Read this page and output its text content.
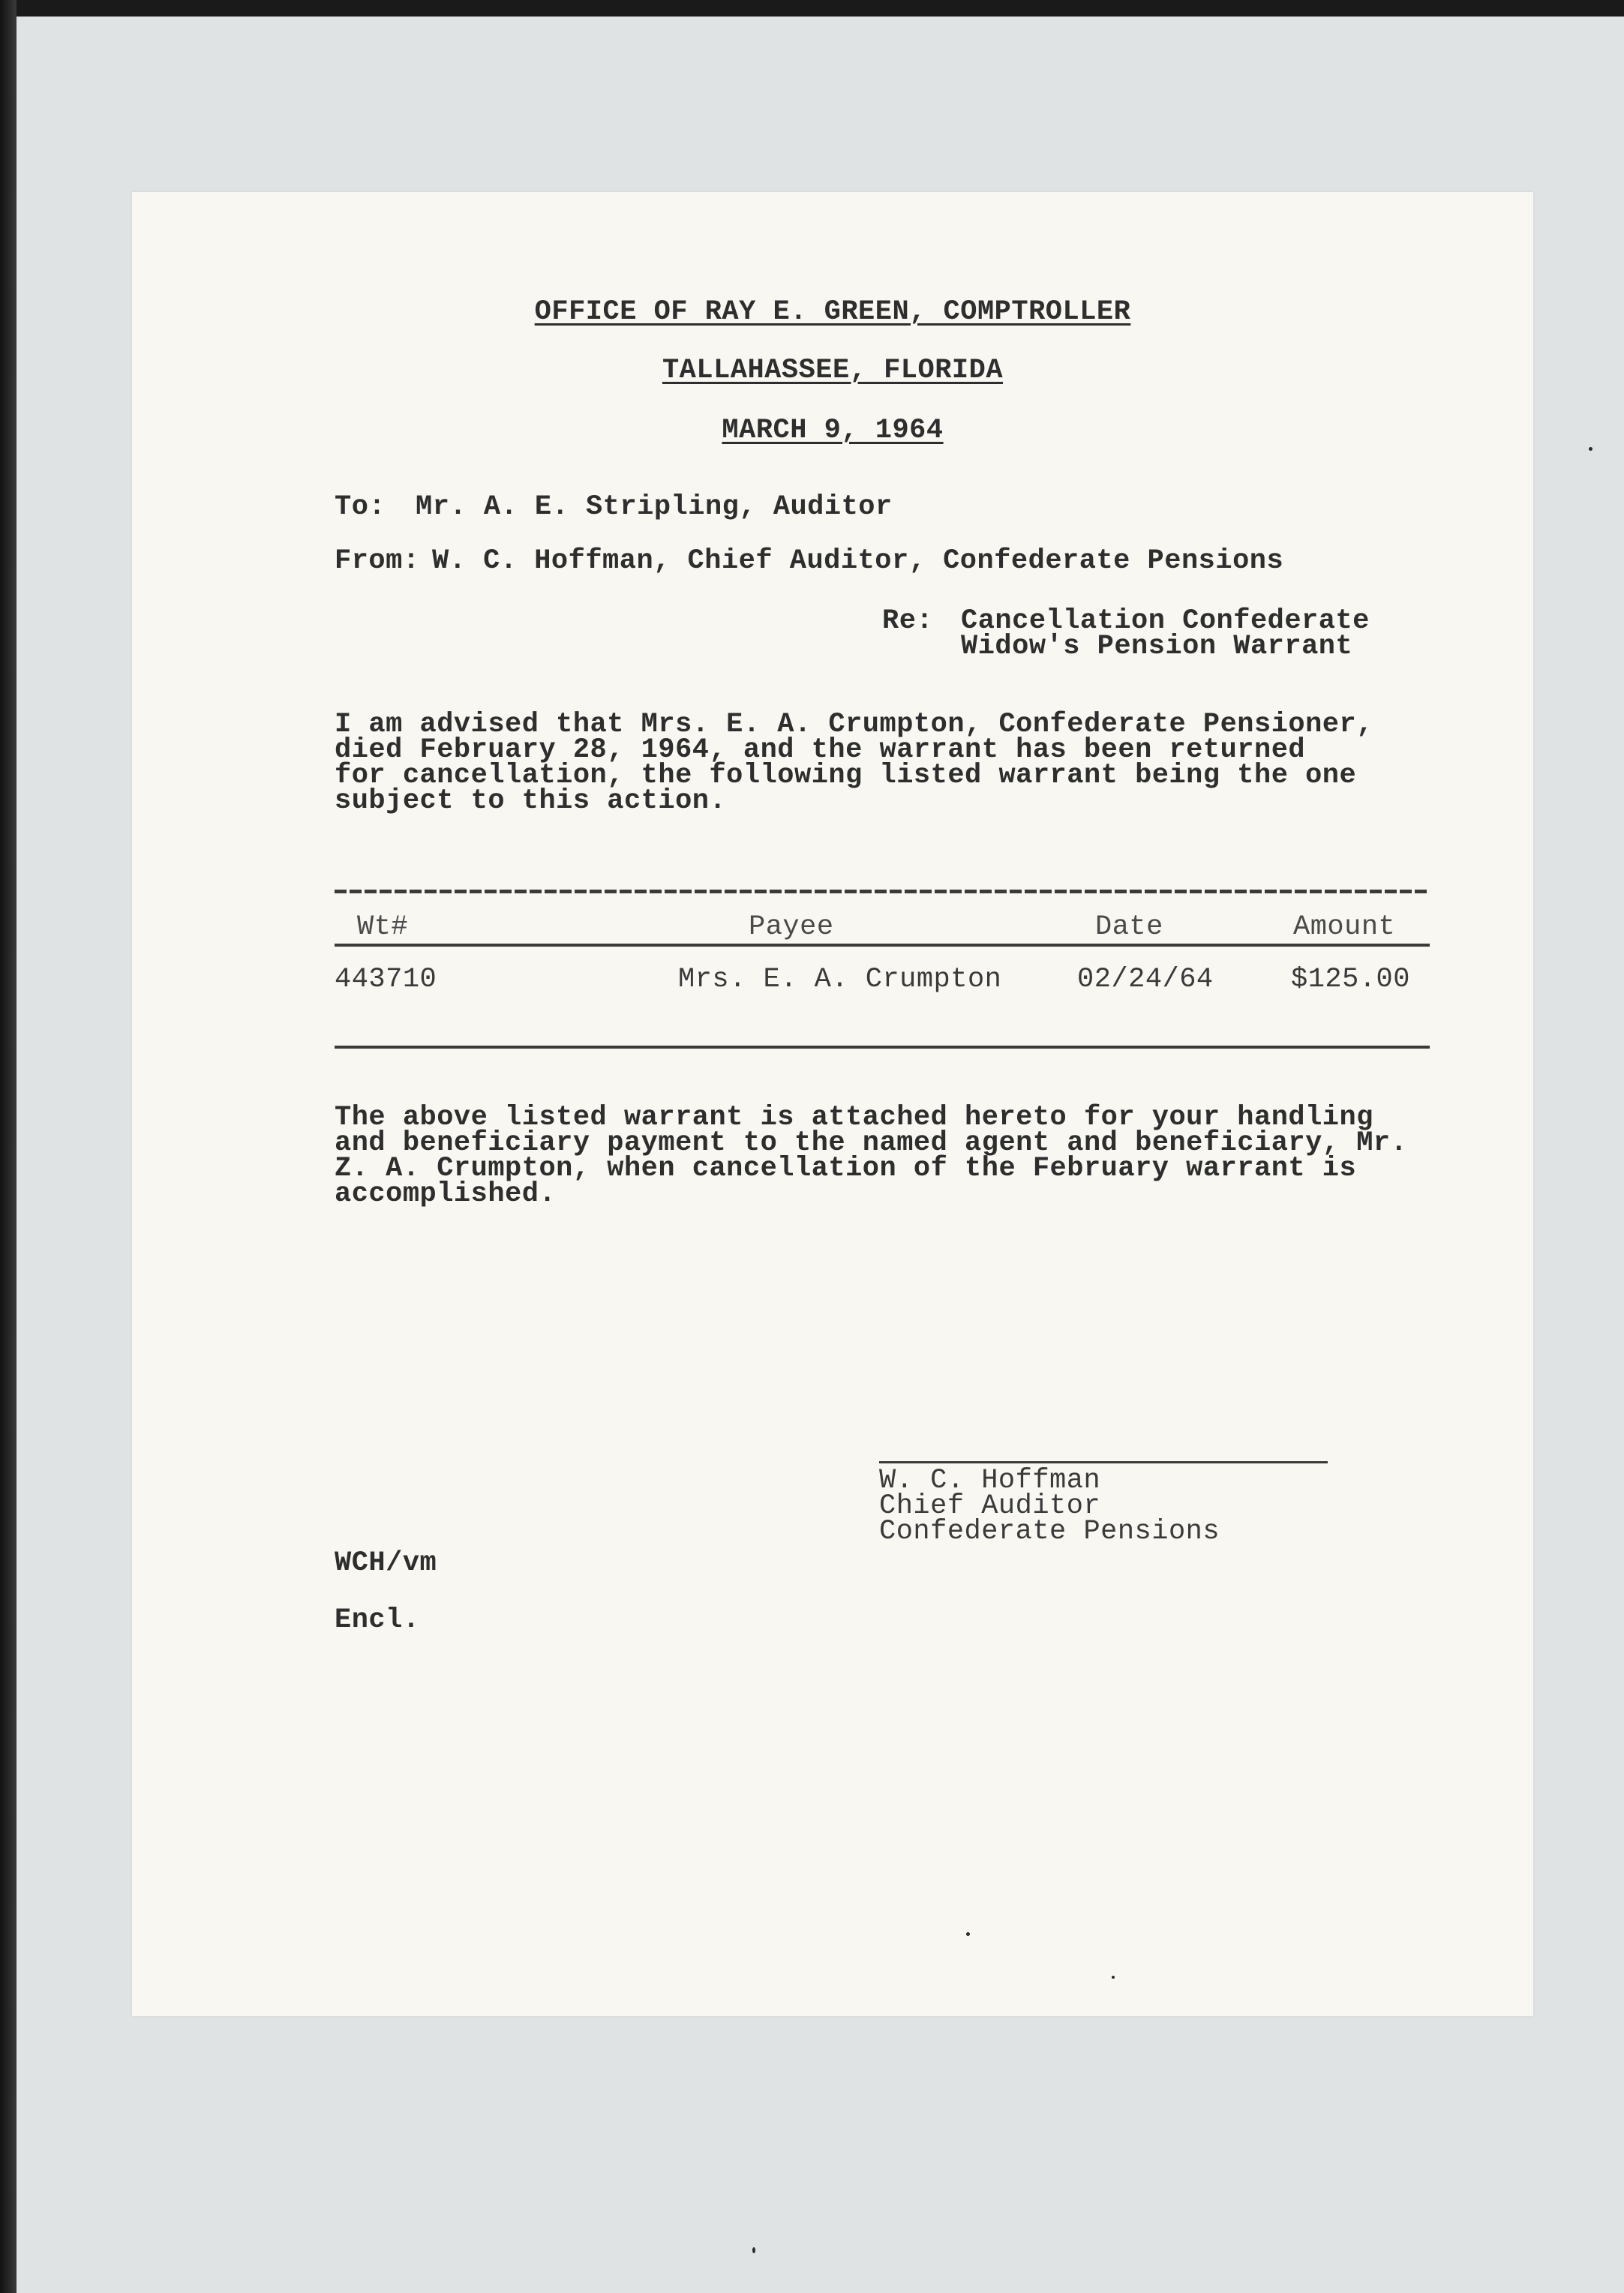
OFFICE OF RAY E. GREEN, COMPTROLLER
TALLAHASSEE, FLORIDA
MARCH 9, 1964
To: Mr. A. E. Stripling, Auditor
From: W. C. Hoffman, Chief Auditor, Confederate Pensions
Re: Cancellation Confederate
Widow's Pension Warrant
I am advised that Mrs. E. A. Crumpton, Confederate Pensioner,
died February 28, 1964, and the warrant has been returned
for cancellation, the following listed warrant being the one
subject to this action.
Wt#	Payee	Date	Amount
443710	Mrs. E. A. Crumpton	02/24/64	$125.00
The above listed warrant is attached hereto for your handling
and beneficiary payment to the named agent and beneficiary, Mr.
Z. A. Crumpton, when cancellation of the February warrant is
accomplished.
W. C. Hoffman
Chief Auditor
Confederate Pensions
WCH/vm
Encl.
